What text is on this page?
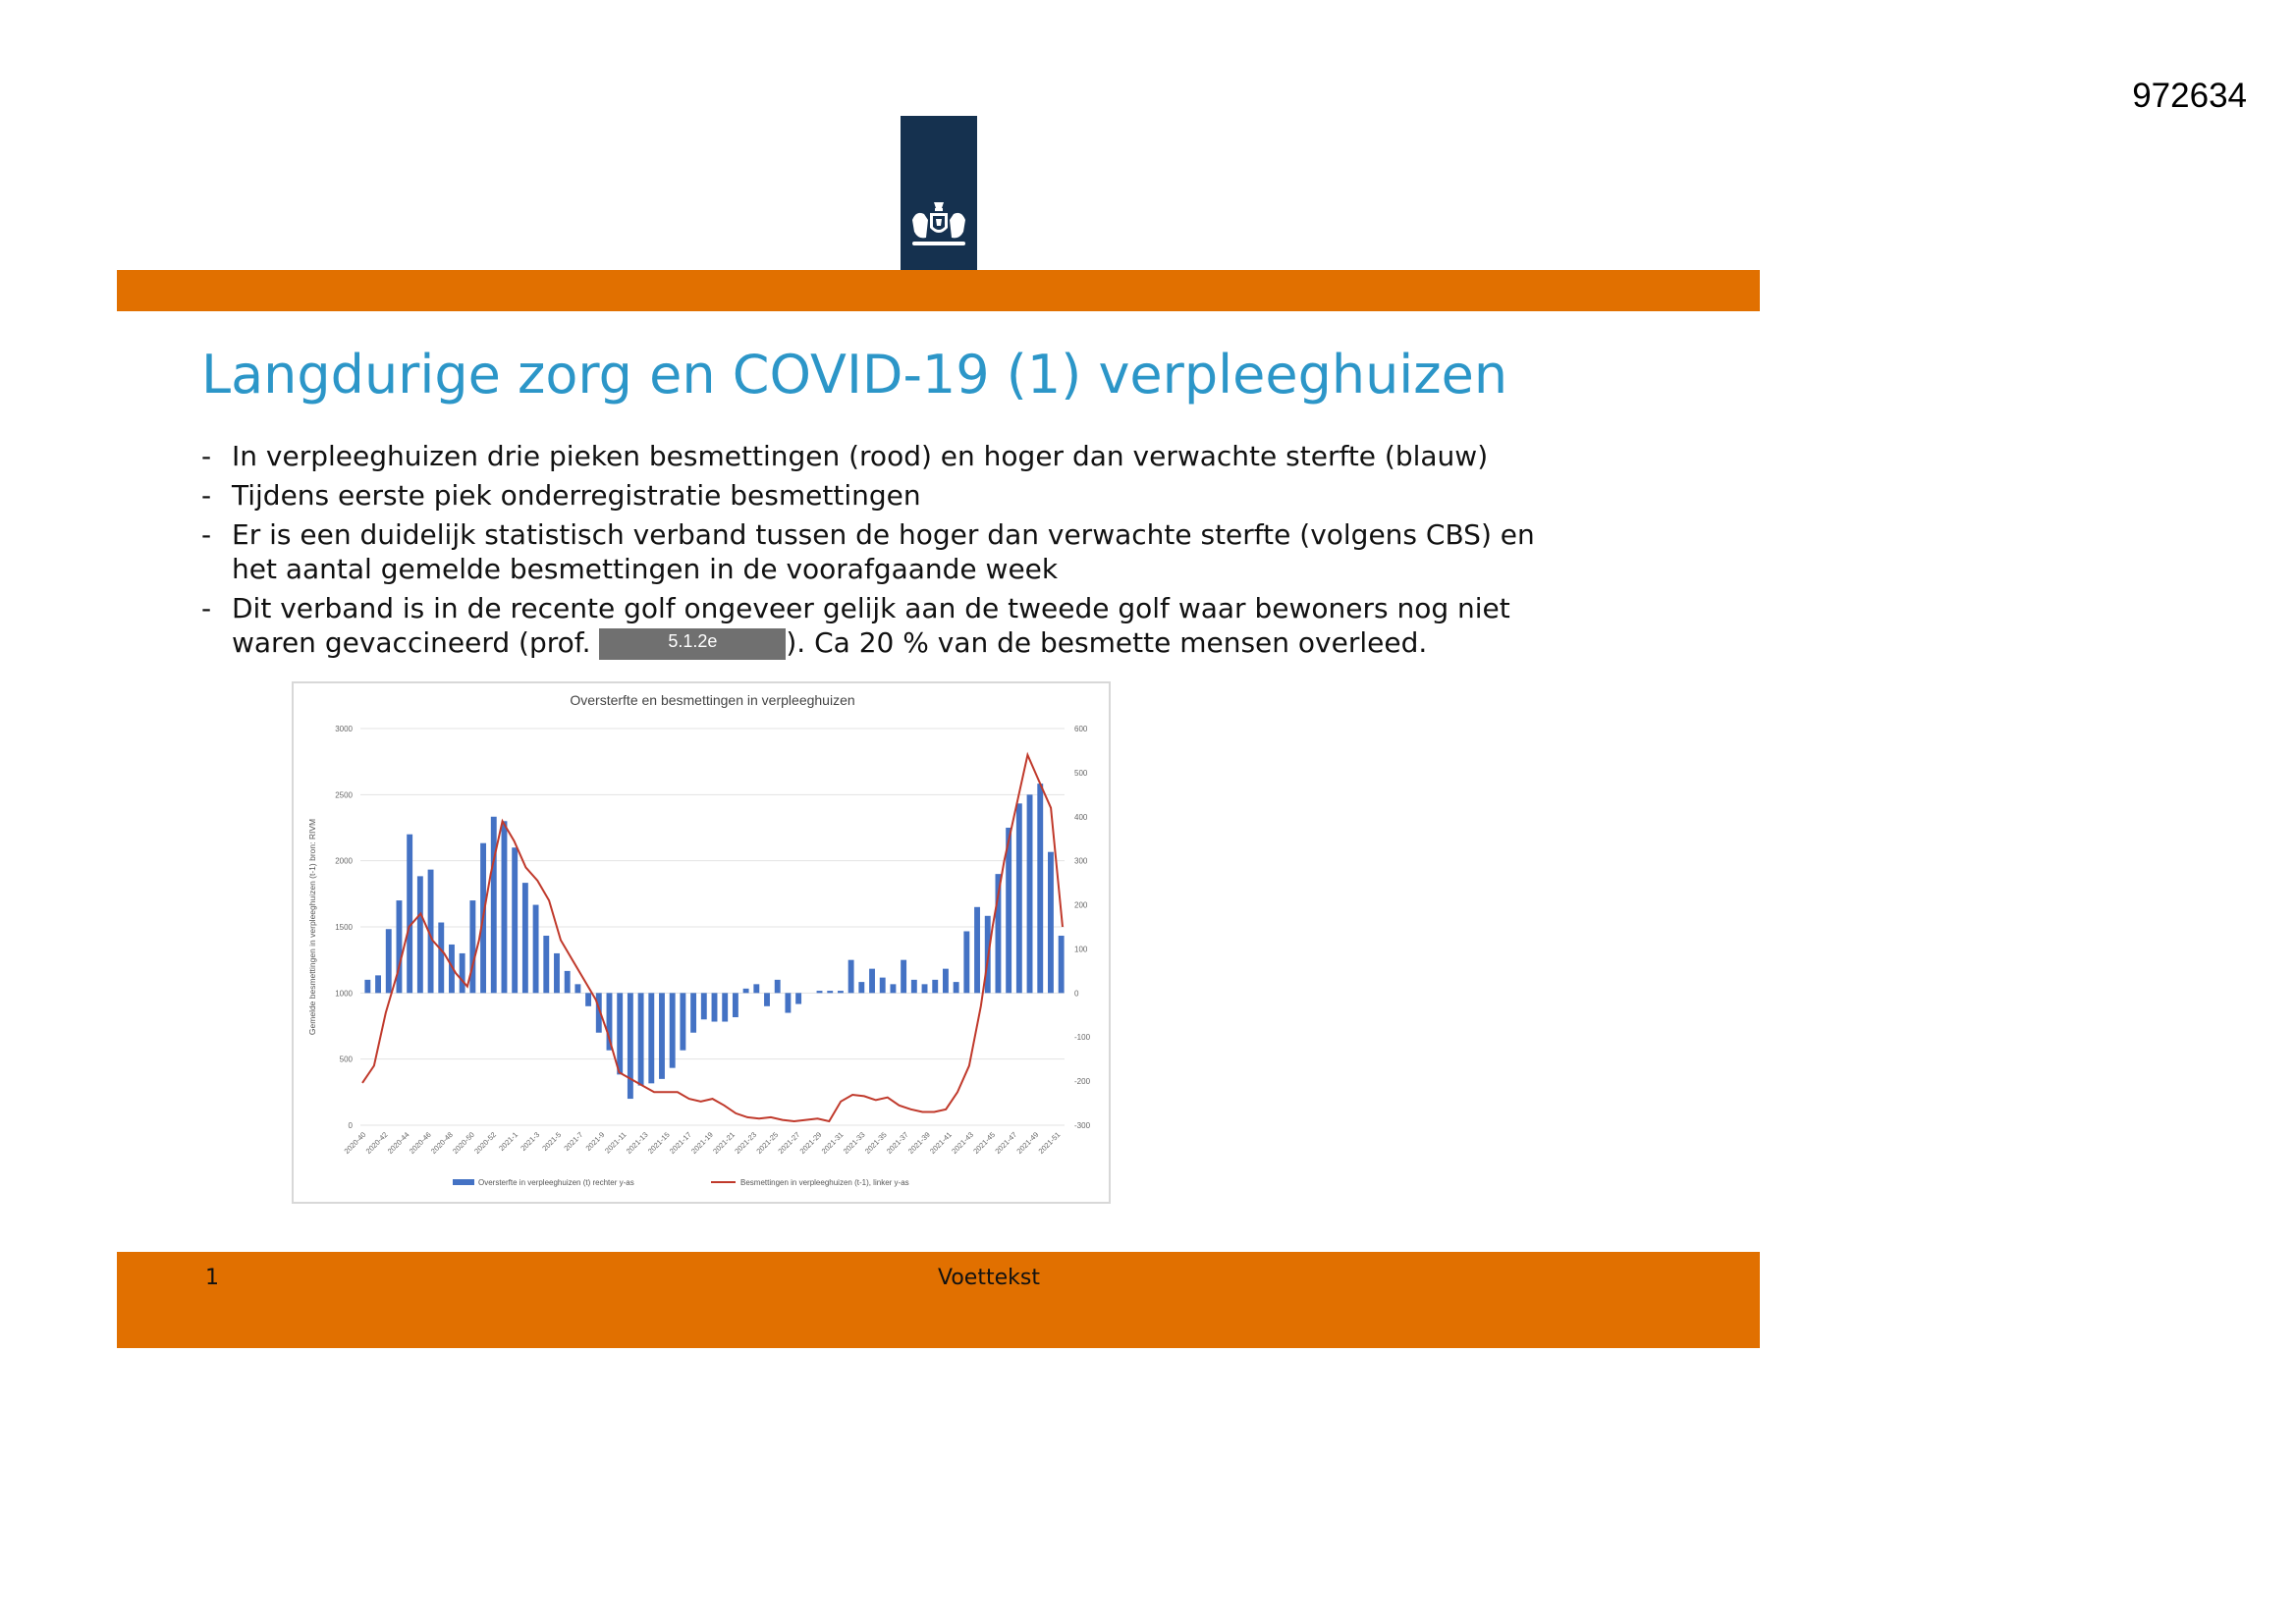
972634
Langdurige zorg en COVID-19 (1) verpleeghuizen
- In verpleeghuizen drie pieken besmettingen (rood) en hoger dan verwachte sterfte (blauw)
- Tijdens eerste piek onderregistratie besmettingen
- Er is een duidelijk statistisch verband tussen de hoger dan verwachte sterfte (volgens CBS) en het aantal gemelde besmettingen in de voorafgaande week
- Dit verband is in de recente golf ongeveer gelijk aan de tweede golf waar bewoners nog niet waren gevaccineerd (prof.	5.1.2e ). Ca 20 % van de besmette mensen overleed.
Oversterfte en besmettingen in verpleeghuizen
0
500
1000
1500
2000
2500
3000
-300
-200
-100
0
100
200
300
400
500
600
Gemelde besmettingen in verpleeghuizen (t-1) bron: RIVM
2020-40
2020-42
2020-44
2020-46
2020-48
2020-50
2020-52 2021-1 2021-3 2021-5 2021-7 2021-9
2021-11
2021-13
2021-15
2021-17
2021-19
2021-21
2021-23
2021-25
2021-27
2021-29
2021-31
2021-33
2021-35
2021-37
2021-39
2021-41
2021-43
2021-45
2021-47
2021-49
2021-51
Oversterfte in verpleeghuizen (t) rechter y-as	Besmettingen in verpleeghuizen (t-1), linker y-as
1	Voettekst
